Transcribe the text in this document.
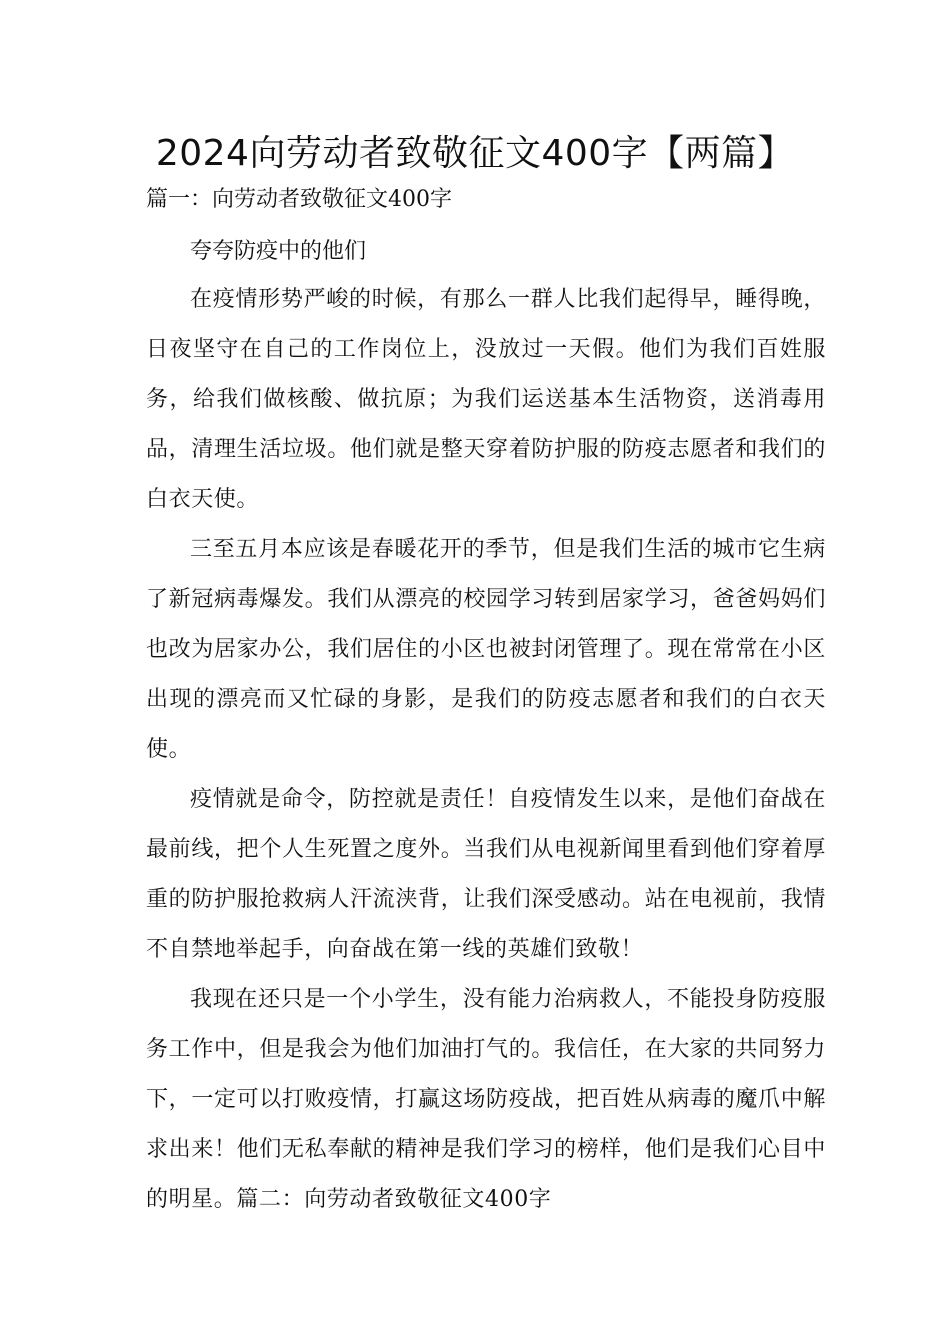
2024向劳动者致敬征文400字【两篇】
篇一：向劳动者致敬征文400字
夸夸防疫中的他们

在疫情形势严峻的时候，有那么一群人比我们起得早，睡得晚，日夜坚守在自己的工作岗位上，没放过一天假。他们为我们百姓服务，给我们做核酸、做抗原；为我们运送基本生活物资，送消毒用品，清理生活垃圾。他们就是整天穿着防护服的防疫志愿者和我们的白衣天使。

三至五月本应该是春暖花开的季节，但是我们生活的城市它生病了新冠病毒爆发。我们从漂亮的校园学习转到居家学习，爸爸妈妈们也改为居家办公，我们居住的小区也被封闭管理了。现在常常在小区出现的漂亮而又忙碌的身影，是我们的防疫志愿者和我们的白衣天使。

疫情就是命令，防控就是责任！自疫情发生以来，是他们奋战在最前线，把个人生死置之度外。当我们从电视新闻里看到他们穿着厚重的防护服抢救病人汗流浃背，让我们深受感动。站在电视前，我情不自禁地举起手，向奋战在第一线的英雄们致敬！

我现在还只是一个小学生，没有能力治病救人，不能投身防疫服务工作中，但是我会为他们加油打气的。我信任，在大家的共同努力下，一定可以打败疫情，打赢这场防疫战，把百姓从病毒的魔爪中解求出来！他们无私奉献的精神是我们学习的榜样，他们是我们心目中的明星。篇二：向劳动者致敬征文400字
